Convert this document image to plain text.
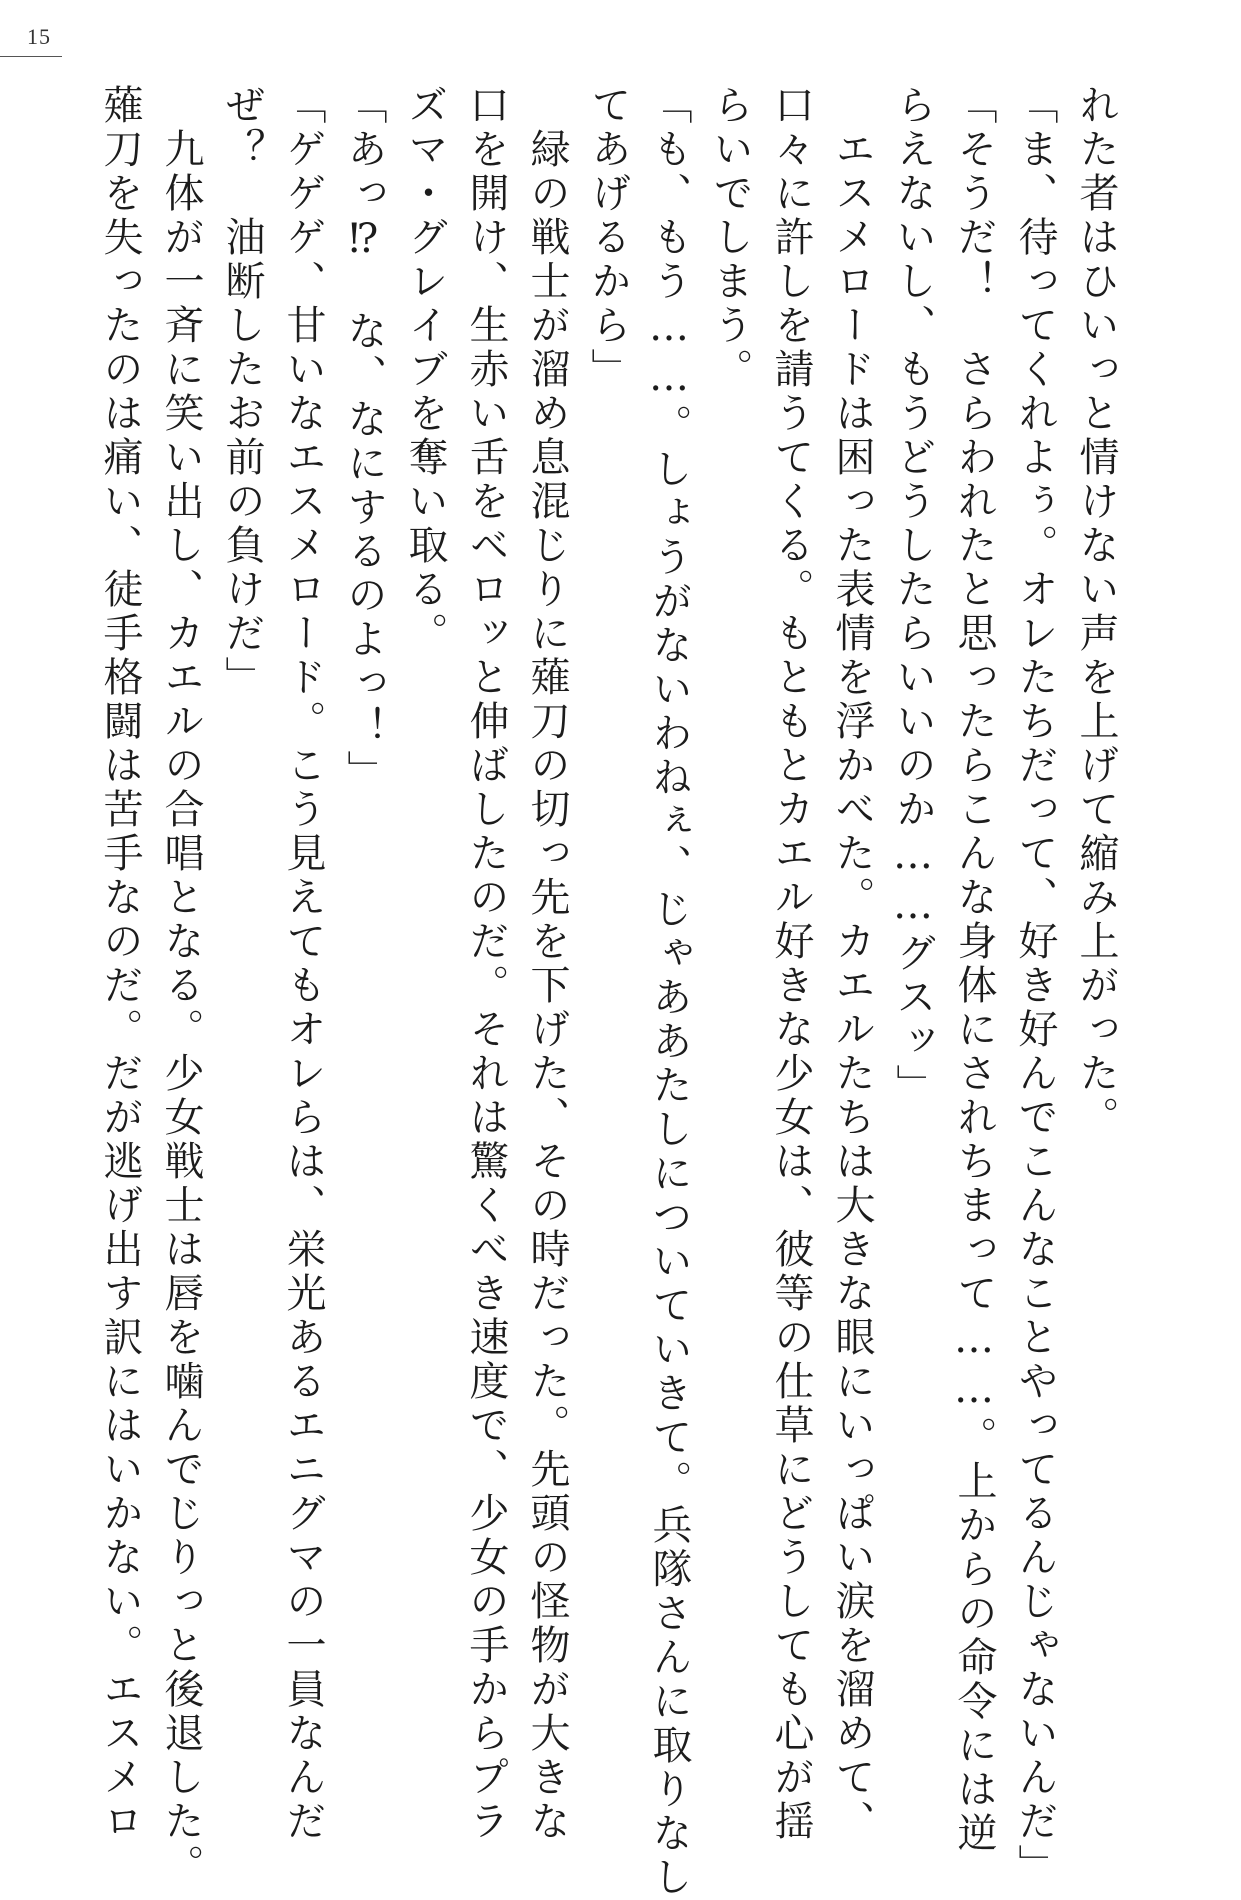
15

れた者はひいっと情けない声を上げて縮み上がった。

「ま、待ってくれよぅ。オレたちだって、好き好んでこんなことやってるんじゃないんだ」

「そうだ！　さらわれたと思ったらこんな身体にされちまって……。上からの命令には逆

らえないし、もうどうしたらいいのか……グスッ」

　エスメロードは困った表情を浮かべた。カエルたちは大きな眼にいっぱい涙を溜めて、

口々に許しを請うてくる。もともとカエル好きな少女は、彼等の仕草にどうしても心が揺

らいでしまう。

「も、もう……。しょうがないわねぇ、じゃああたしについていきて。兵隊さんに取りなし

てあげるから」

　緑の戦士が溜め息混じりに薙刀の切っ先を下げた、その時だった。先頭の怪物が大きな

口を開け、生赤い舌をベロッと伸ばしたのだ。それは驚くべき速度で、少女の手からプラ

ズマ・グレイブを奪い取る。

「あっ⁉　な、なにするのよっ！」

「ゲゲゲ、甘いなエスメロード。こう見えてもオレらは、栄光あるエニグマの一員なんだ

ぜ？　油断したお前の負けだ」

　九体が一斉に笑い出し、カエルの合唱となる。少女戦士は唇を噛んでじりっと後退した。

薙刀を失ったのは痛い、徒手格闘は苦手なのだ。だが逃げ出す訳にはいかない。エスメロ
